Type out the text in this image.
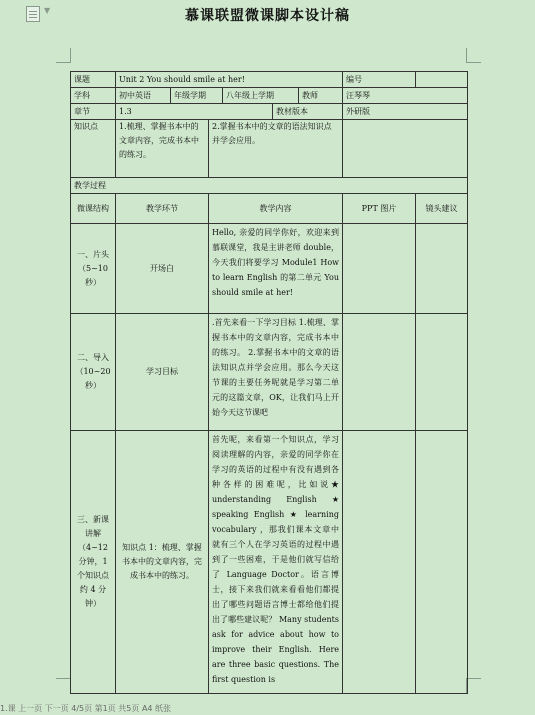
▼	慕课联盟微课脚本设计稿
课题	Unit 2 You should smile at her!						编号	
学科	初中英语	年级学期		八年级上学期		教师	汪琴琴	
章节	1.3				教材版本		外研版	
知识点	1.梳理、掌握书本中的文章内容，完成书本中的练习。		2.掌握书本中的文章的语法知识点并学会应用。					
教学过程								
微课结构	教学环节		教学内容				PPT 图片	镜头建议
一、片头（5~10 秒）	开场白		Hello, 亲爱的同学你好，欢迎来到慕联课堂，我是主讲老师 double，今天我们将要学习 Module1 How to learn English 的第二单元 You should smile at her!					
二、导入（10~20 秒）	学习目标		.首先来看一下学习目标 1.梳理、掌握书本中的文章内容，完成书本中的练习。 2.掌握书本中的文章的语法知识点并学会应用。那么今天这节课的主要任务呢就是学习第二单元的这篇文章，OK，让我们马上开始今天这节课吧					
三、新课讲解（4~12 分钟，1 个知识点约 4 分钟）	知识点 1：梳理、掌握书本中的文章内容，完成书本中的练习。		首先呢，来看第一个知识点，学习阅读理解的内容，亲爱的同学你在学习的英语的过程中有没有遇到各种各样的困难呢，比如说★ understanding English ★ speaking English ★ learning vocabulary ，那我们课本文章中就有三个人在学习英语的过程中遇到了一些困难，于是他们就写信给了 Language Doctor。语言博士，接下来我们就来看看他们都提出了哪些问题语言博士都给他们提出了哪些建议呢？ Many students ask for advice about how to improve their English. Here are three basic questions. The first question is					
1.课 上一页 下一页 4/5页 第1页 共5页 A4 纸张
